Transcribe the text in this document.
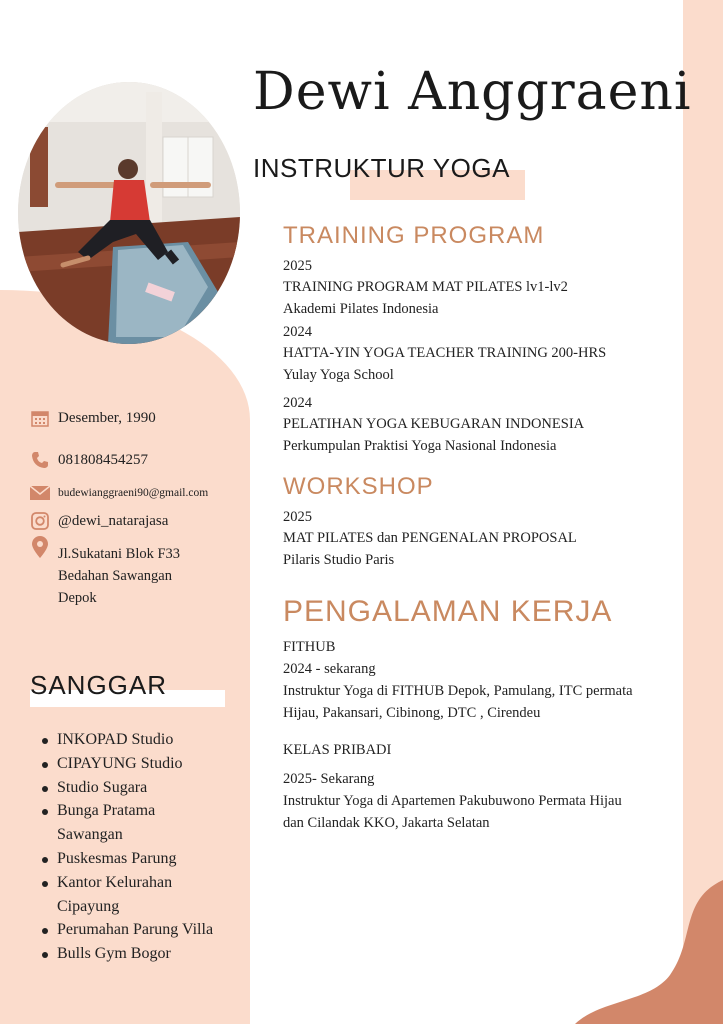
Dewi Anggraeni
INSTRUKTUR YOGA
Desember, 1990
081808454257
budewianggraeni90@gmail.com
@dewi_natarajasa
Jl.Sukatani Blok F33
Bedahan Sawangan
Depok
SANGGAR
INKOPAD Studio
CIPAYUNG Studio
Studio Sugara
Bunga Pratama
Sawangan
Puskesmas Parung
Kantor Kelurahan
Cipayung
Perumahan Parung Villa
Bulls Gym Bogor
TRAINING PROGRAM
2025
TRAINING PROGRAM MAT PILATES lv1-lv2
Akademi Pilates Indonesia
2024
HATTA-YIN YOGA TEACHER TRAINING 200-HRS
Yulay Yoga School
2024
PELATIHAN YOGA KEBUGARAN INDONESIA
Perkumpulan Praktisi Yoga Nasional Indonesia
WORKSHOP
2025
MAT PILATES dan PENGENALAN PROPOSAL
Pilaris Studio Paris
PENGALAMAN KERJA
FITHUB
2024 - sekarang
Instruktur Yoga di FITHUB Depok, Pamulang, ITC permata
Hijau, Pakansari, Cibinong, DTC , Cirendeu
KELAS PRIBADI
2025- Sekarang
Instruktur Yoga di Apartemen Pakubuwono Permata Hijau
dan Cilandak KKO, Jakarta Selatan
